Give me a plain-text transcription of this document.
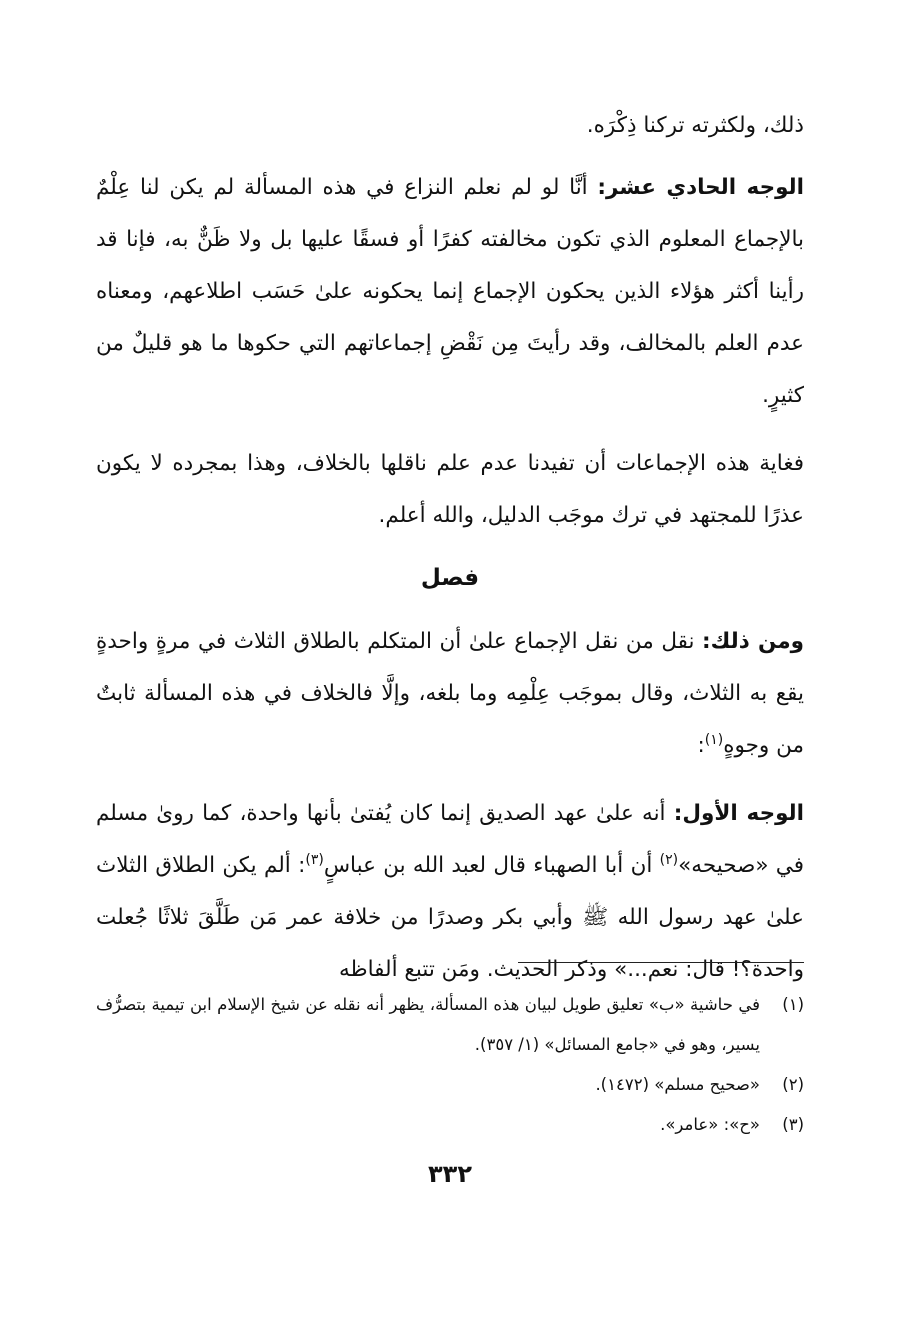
ذلك، ولكثرته تركنا ذِكْرَه.

الوجه الحادي عشر: أنَّا لو لم نعلم النزاع في هذه المسألة لم يكن لنا عِلْمٌ بالإجماع المعلوم الذي تكون مخالفته كفرًا أو فسقًا عليها بل ولا ظَنٌّ به، فإنا قد رأينا أكثر هؤلاء الذين يحكون الإجماع إنما يحكونه علىٰ حَسَب اطلاعهم، ومعناه عدم العلم بالمخالف، وقد رأيتَ مِن نَقْضِ إجماعاتهم التي حكوها ما هو قليلٌ من كثيرٍ.

فغاية هذه الإجماعات أن تفيدنا عدم علم ناقلها بالخلاف، وهذا بمجرده لا يكون عذرًا للمجتهد في ترك موجَب الدليل، والله أعلم.

فصل

ومن ذلك: نقل من نقل الإجماع علىٰ أن المتكلم بالطلاق الثلاث في مرةٍ واحدةٍ يقع به الثلاث، وقال بموجَب عِلْمِه وما بلغه، وإلَّا فالخلاف في هذه المسألة ثابتٌ من وجوهٍ$^{(١)}$:

الوجه الأول: أنه علىٰ عهد الصديق إنما كان يُفتىٰ بأنها واحدة، كما روىٰ مسلم في «صحيحه»$^{(٢)}$ أن أبا الصهباء قال لعبد الله بن عباسٍ$^{(٣)}$: ألم يكن الطلاق الثلاث علىٰ عهد رسول الله ﷺ وأبي بكر وصدرًا من خلافة عمر مَن طَلَّقَ ثلاثًا جُعلت واحدة؟! قال: نعم...» وذكر الحديث. ومَن تتبع ألفاظه

(١)
في حاشية «ب» تعليق طويل لبيان هذه المسألة، يظهر أنه نقله عن شيخ الإسلام ابن تيمية بتصرُّف يسير، وهو في «جامع المسائل» (١/ ٣٥٧).
(٢)
«صحيح مسلم» (١٤٧٢).
(٣)
«ح»: «عامر».
٣٣٢
